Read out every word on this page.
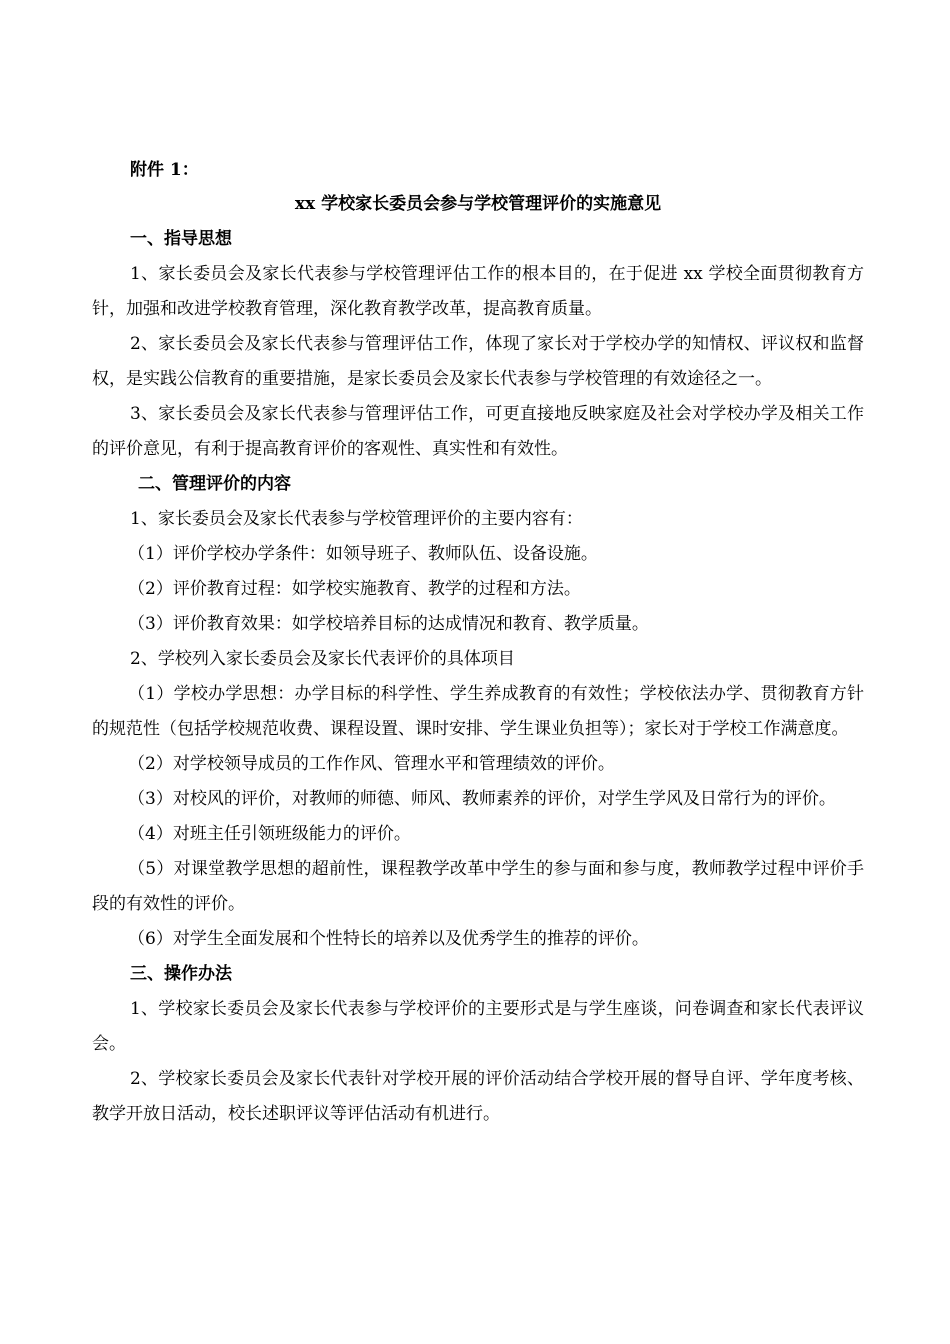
附件 1：
xx 学校家长委员会参与学校管理评价的实施意见
一、指导思想
1、家长委员会及家长代表参与学校管理评估工作的根本目的，在于促进 xx 学校全面贯彻教育方针，加强和改进学校教育管理，深化教育教学改革，提高教育质量。
2、家长委员会及家长代表参与管理评估工作，体现了家长对于学校办学的知情权、评议权和监督权，是实践公信教育的重要措施，是家长委员会及家长代表参与学校管理的有效途径之一。
3、家长委员会及家长代表参与管理评估工作，可更直接地反映家庭及社会对学校办学及相关工作的评价意见，有利于提高教育评价的客观性、真实性和有效性。
二、管理评价的内容
1、家长委员会及家长代表参与学校管理评价的主要内容有：
（1）评价学校办学条件：如领导班子、教师队伍、设备设施。
（2）评价教育过程：如学校实施教育、教学的过程和方法。
（3）评价教育效果：如学校培养目标的达成情况和教育、教学质量。
2、学校列入家长委员会及家长代表评价的具体项目
（1）学校办学思想：办学目标的科学性、学生养成教育的有效性；学校依法办学、贯彻教育方针的规范性（包括学校规范收费、课程设置、课时安排、学生课业负担等）；家长对于学校工作满意度。
（2）对学校领导成员的工作作风、管理水平和管理绩效的评价。
（3）对校风的评价，对教师的师德、师风、教师素养的评价，对学生学风及日常行为的评价。
（4）对班主任引领班级能力的评价。
（5）对课堂教学思想的超前性，课程教学改革中学生的参与面和参与度，教师教学过程中评价手段的有效性的评价。
（6）对学生全面发展和个性特长的培养以及优秀学生的推荐的评价。
三、操作办法
1、学校家长委员会及家长代表参与学校评价的主要形式是与学生座谈，问卷调查和家长代表评议会。
2、学校家长委员会及家长代表针对学校开展的评价活动结合学校开展的督导自评、学年度考核、教学开放日活动，校长述职评议等评估活动有机进行。
